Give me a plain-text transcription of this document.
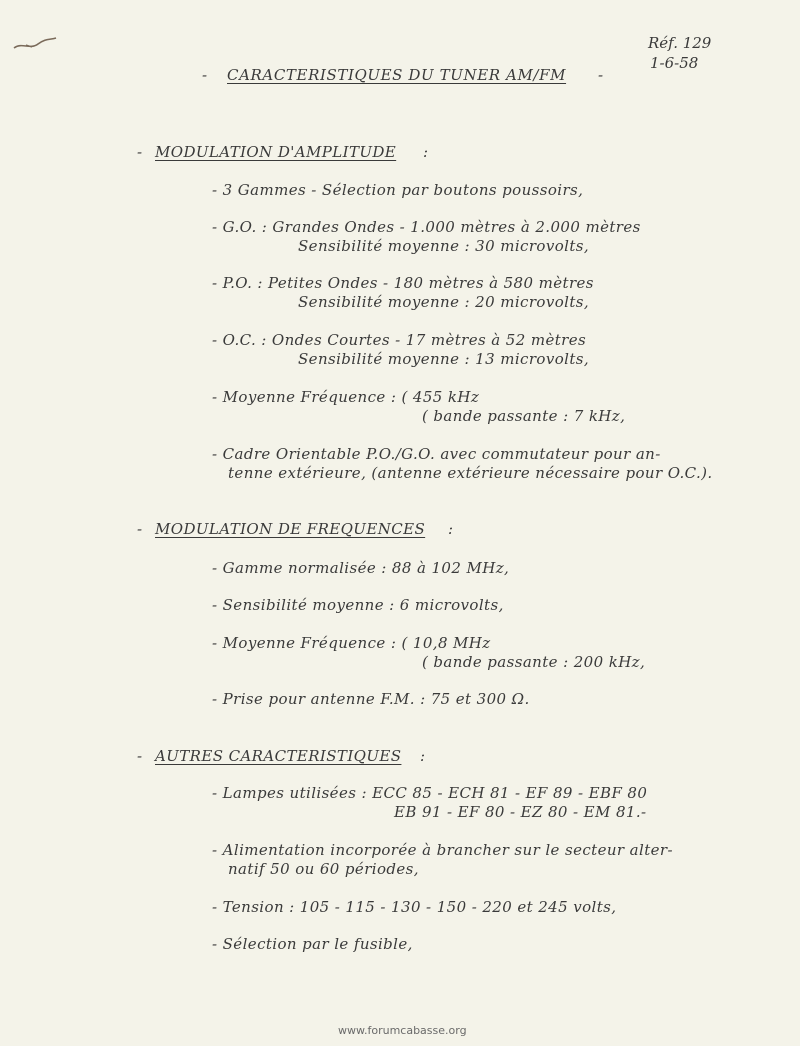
Réf. 129
1-6-58
- CARACTERISTIQUES DU TUNER AM/FM -
- MODULATION D'AMPLITUDE :
- 3 Gammes - Sélection par boutons poussoirs,
- G.O. : Grandes Ondes - 1.000 mètres à 2.000 mètres
Sensibilité moyenne : 30 microvolts,
- P.O. : Petites Ondes - 180 mètres à 580 mètres
Sensibilité moyenne : 20 microvolts,
- O.C. : Ondes Courtes - 17 mètres à 52 mètres
Sensibilité moyenne : 13 microvolts,
- Moyenne Fréquence : ( 455 kHz
( bande passante : 7 kHz,
- Cadre Orientable P.O./G.O. avec commutateur pour an-
tenne extérieure, (antenne extérieure nécessaire pour O.C.).
- MODULATION DE FREQUENCES :
- Gamme normalisée : 88 à 102 MHz,
- Sensibilité moyenne : 6 microvolts,
- Moyenne Fréquence : ( 10,8 MHz
( bande passante : 200 kHz,
- Prise pour antenne F.M. : 75 et 300 Ω.
- AUTRES CARACTERISTIQUES :
- Lampes utilisées : ECC 85 - ECH 81 - EF 89 - EBF 80
EB 91 - EF 80 - EZ 80 - EM 81.-
- Alimentation incorporée à brancher sur le secteur alter-
natif 50 ou 60 périodes,
- Tension : 105 - 115 - 130 - 150 - 220 et 245 volts,
- Sélection par le fusible,
www.forumcabasse.org
